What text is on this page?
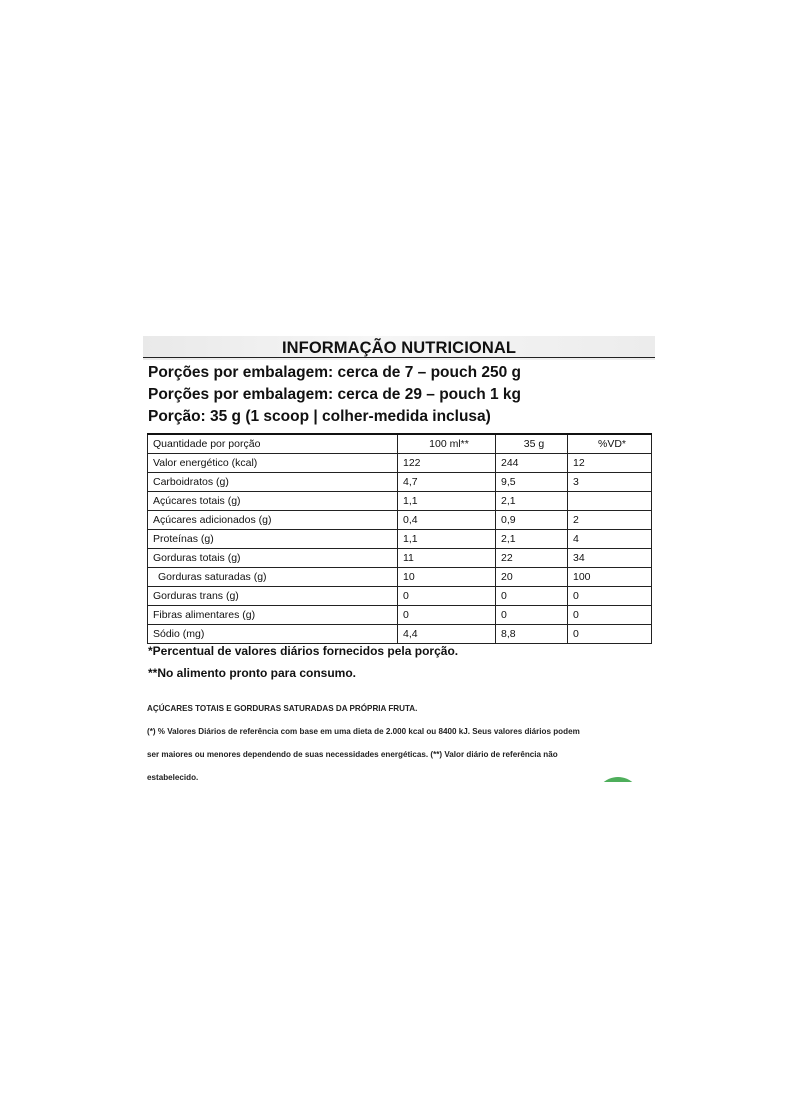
INFORMAÇÃO NUTRICIONAL
Porções por embalagem: cerca de 7 – pouch 250 g
Porções por embalagem: cerca de 29 – pouch 1 kg
Porção: 35 g (1 scoop | colher-medida inclusa)
Quantidade por porção	100 ml**	35 g	%VD*
Valor energético (kcal)	122	244	12
Carboidratos (g)	4,7	9,5	3
Açúcares totais (g)	1,1	2,1	
Açúcares adicionados (g)	0,4	0,9	2
Proteínas (g)	1,1	2,1	4
Gorduras totais (g)	11	22	34
Gorduras saturadas (g)	10	20	100
Gorduras trans (g)	0	0	0
Fibras alimentares (g)	0	0	0
Sódio (mg)	4,4	8,8	0
*Percentual de valores diários fornecidos pela porção.
**No alimento pronto para consumo.
AÇÚCARES TOTAIS E GORDURAS SATURADAS DA PRÓPRIA FRUTA.
(*) % Valores Diários de referência com base em uma dieta de 2.000 kcal ou 8400 kJ. Seus valores diários podem
ser maiores ou menores dependendo de suas necessidades energéticas. (**) Valor diário de referência não
estabelecido.
